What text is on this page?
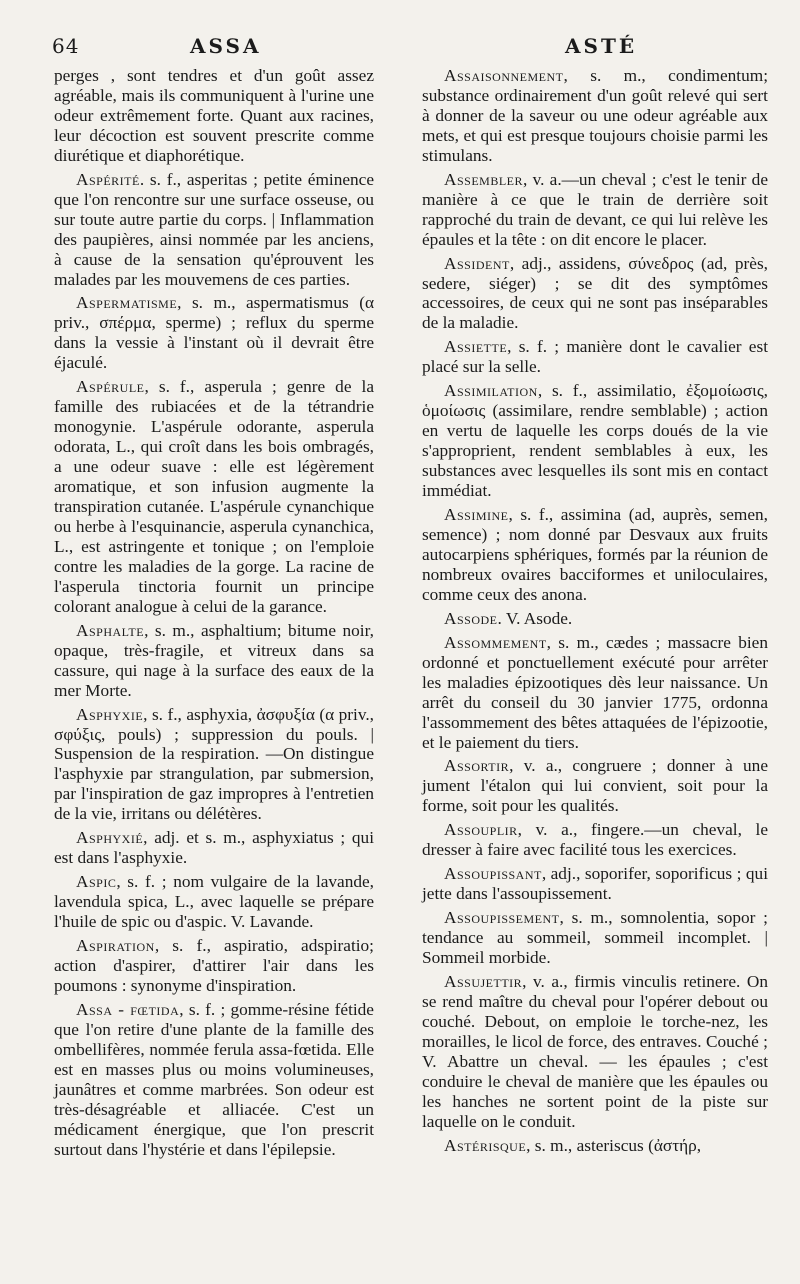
64	ASSA	ASTÉ

perges , sont tendres et d'un goût assez agréable, mais ils communiquent à l'urine une odeur extrêmement forte. Quant aux racines, leur décoction est souvent prescrite comme diurétique et diaphorétique.

Aspérité. s. f., asperitas ; petite éminence que l'on rencontre sur une surface osseuse, ou sur toute autre partie du corps. | Inflammation des paupières, ainsi nommée par les anciens, à cause de la sensation qu'éprouvent les malades par les mouvemens de ces parties.

Aspermatisme, s. m., aspermatismus (α priv., σπέρμα, sperme) ; reflux du sperme dans la vessie à l'instant où il devrait être éjaculé.

Aspérule, s. f., asperula ; genre de la famille des rubiacées et de la tétrandrie monogynie. L'aspérule odorante, asperula odorata, L., qui croît dans les bois ombragés, a une odeur suave : elle est légèrement aromatique, et son infusion augmente la transpiration cutanée. L'aspérule cynanchique ou herbe à l'esquinancie, asperula cynanchica, L., est astringente et tonique ; on l'emploie contre les maladies de la gorge. La racine de l'asperula tinctoria fournit un principe colorant analogue à celui de la garance.

Asphalte, s. m., asphaltium; bitume noir, opaque, très-fragile, et vitreux dans sa cassure, qui nage à la surface des eaux de la mer Morte.

Asphyxie, s. f., asphyxia, ἀσφυξία (α priv., σφύξις, pouls) ; suppression du pouls. | Suspension de la respiration. —On distingue l'asphyxie par strangulation, par submersion, par l'inspiration de gaz impropres à l'entretien de la vie, irritans ou délétères.

Asphyxié, adj. et s. m., asphyxiatus ; qui est dans l'asphyxie.

Aspic, s. f. ; nom vulgaire de la lavande, lavendula spica, L., avec laquelle se prépare l'huile de spic ou d'aspic. V. Lavande.

Aspiration, s. f., aspiratio, adspiratio; action d'aspirer, d'attirer l'air dans les poumons : synonyme d'inspiration.

Assa - fœtida, s. f. ; gomme-résine fétide que l'on retire d'une plante de la famille des ombellifères, nommée ferula assa-fœtida. Elle est en masses plus ou moins volumineuses, jaunâtres et comme marbrées. Son odeur est très-désagréable et alliacée. C'est un médicament énergique, que l'on prescrit surtout dans l'hystérie et dans l'épilepsie.

Assaisonnement, s. m., condimentum; substance ordinairement d'un goût relevé qui sert à donner de la saveur ou une odeur agréable aux mets, et qui est presque toujours choisie parmi les stimulans.

Assembler, v. a.—un cheval ; c'est le tenir de manière à ce que le train de derrière soit rapproché du train de devant, ce qui lui relève les épaules et la tête : on dit encore le placer.

Assident, adj., assidens, σύνεδρος (ad, près, sedere, siéger) ; se dit des symptômes accessoires, de ceux qui ne sont pas inséparables de la maladie.

Assiette, s. f. ; manière dont le cavalier est placé sur la selle.

Assimilation, s. f., assimilatio, ἐξομοίωσις, ὁμοίωσις (assimilare, rendre semblable) ; action en vertu de laquelle les corps doués de la vie s'approprient, rendent semblables à eux, les substances avec lesquelles ils sont mis en contact immédiat.

Assimine, s. f., assimina (ad, auprès, semen, semence) ; nom donné par Desvaux aux fruits autocarpiens sphériques, formés par la réunion de nombreux ovaires bacciformes et uniloculaires, comme ceux des anona.

Assode. V. Asode.

Assommement, s. m., cædes ; massacre bien ordonné et ponctuellement exécuté pour arrêter les maladies épizootiques dès leur naissance. Un arrêt du conseil du 30 janvier 1775, ordonna l'assommement des bêtes attaquées de l'épizootie, et le paiement du tiers.

Assortir, v. a., congruere ; donner à une jument l'étalon qui lui convient, soit pour la forme, soit pour les qualités.

Assouplir, v. a., fingere.—un cheval, le dresser à faire avec facilité tous les exercices.

Assoupissant, adj., soporifer, soporificus ; qui jette dans l'assoupissement.

Assoupissement, s. m., somnolentia, sopor ; tendance au sommeil, sommeil incomplet. | Sommeil morbide.

Assujettir, v. a., firmis vinculis retinere. On se rend maître du cheval pour l'opérer debout ou couché. Debout, on emploie le torche-nez, les morailles, le licol de force, des entraves. Couché ; V. Abattre un cheval. — les épaules ; c'est conduire le cheval de manière que les épaules ou les hanches ne sortent point de la piste sur laquelle on le conduit.

Astérisque, s. m., asteriscus (ἀστήρ,
